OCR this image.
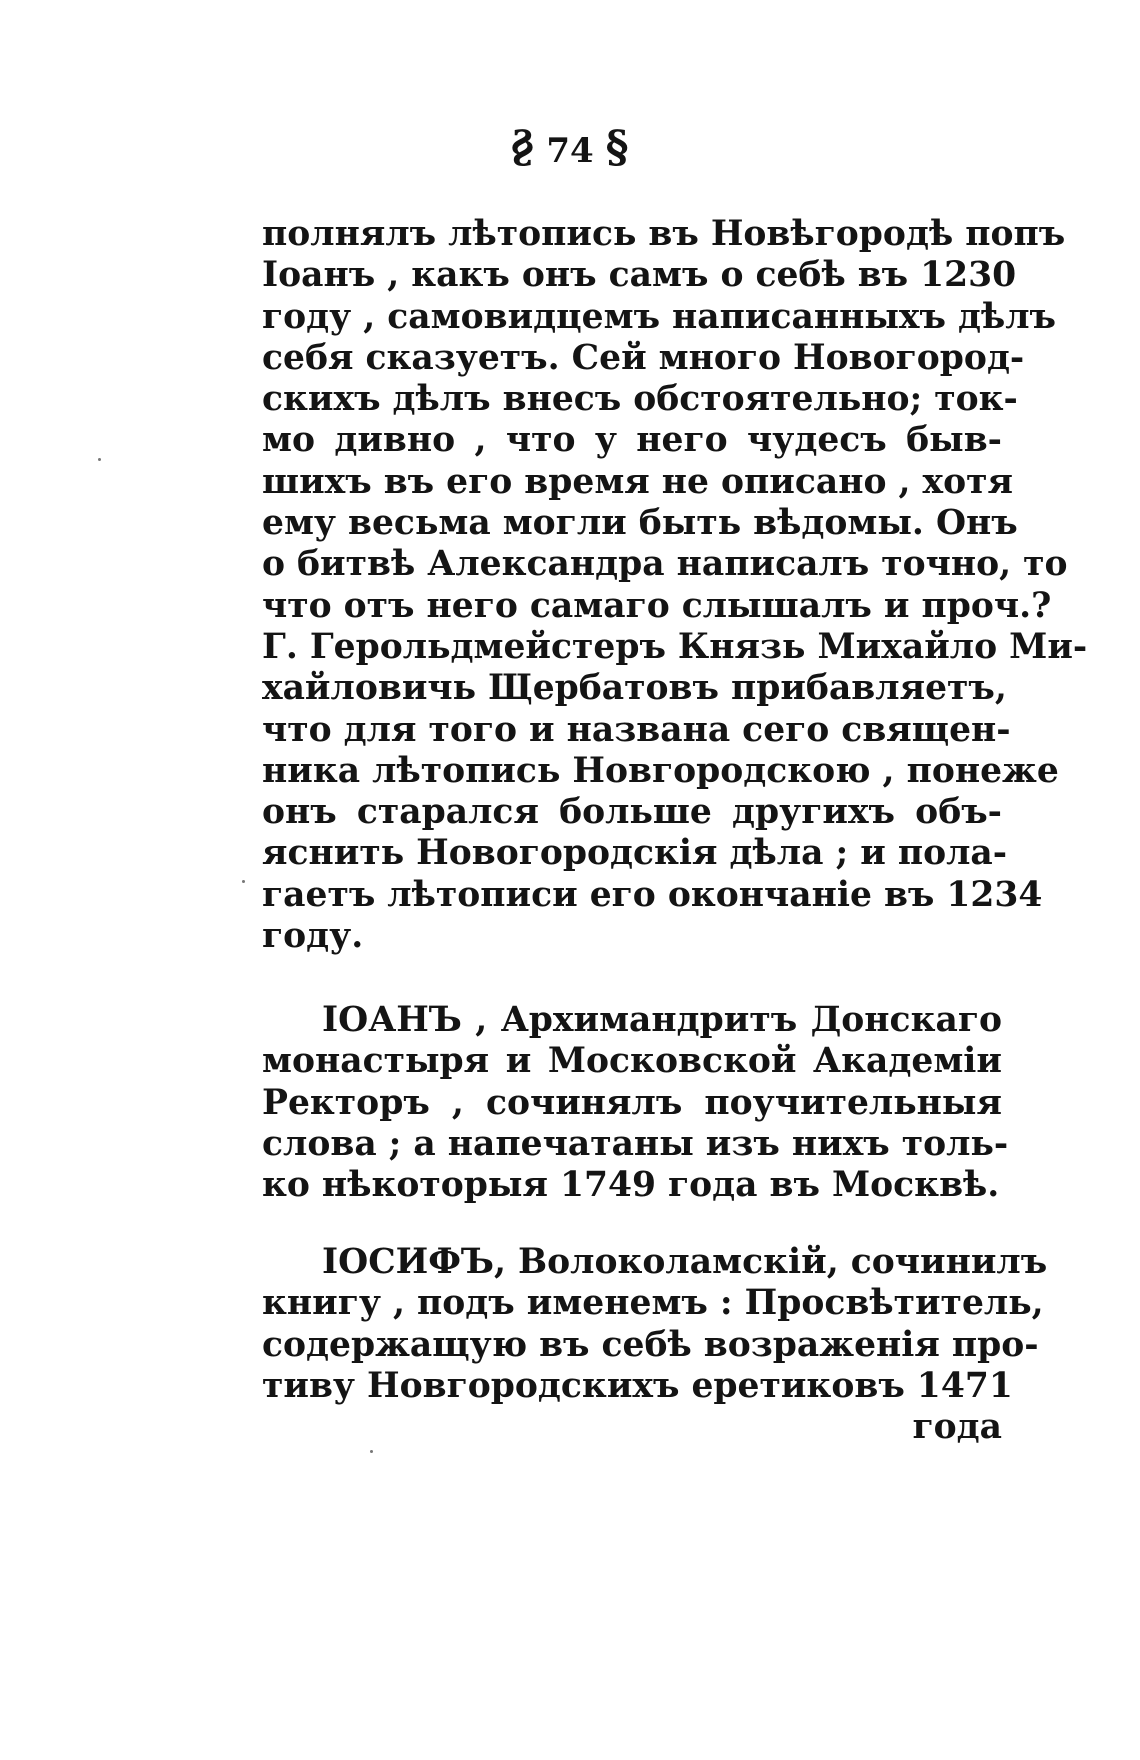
§ 74 §
полнялъ лѣтопись въ Новѣгородѣ попъ
Іоанъ , какъ онъ самъ о себѣ въ 1230
году , самовидцемъ написанныхъ дѣлъ
себя сказуетъ. Сей много Новогород-
скихъ дѣлъ внесъ обстоятельно; ток-
мо дивно , что у него чудесъ быв-
шихъ въ его время не описано , хотя
ему весьма могли быть вѣдомы. Онъ
о битвѣ Александра написалъ точно, то
что отъ него самаго слышалъ и проч.?
Г. Герольдмейстеръ Князь Михайло Ми-
хайловичь Щербатовъ прибавляетъ,
что для того и названа сего священ-
ника лѣтопись Новгородскою , понеже
онъ старался больше другихъ объ-
яснить Новогородскія дѣла ; и пола-
гаетъ лѣтописи его окончаніе въ 1234
году.
ІОАНЪ , Архимандритъ Донскаго
монастыря и Московской Академіи
Ректоръ , сочинялъ поучительныя
слова ; а напечатаны изъ нихъ толь-
ко нѣкоторыя 1749 года въ Москвѣ.
ІОСИФЪ, Волоколамскій, сочинилъ
книгу , подъ именемъ : Просвѣтитель,
содержащую въ себѣ возраженія про-
тиву Новгородскихъ еретиковъ 1471
года
